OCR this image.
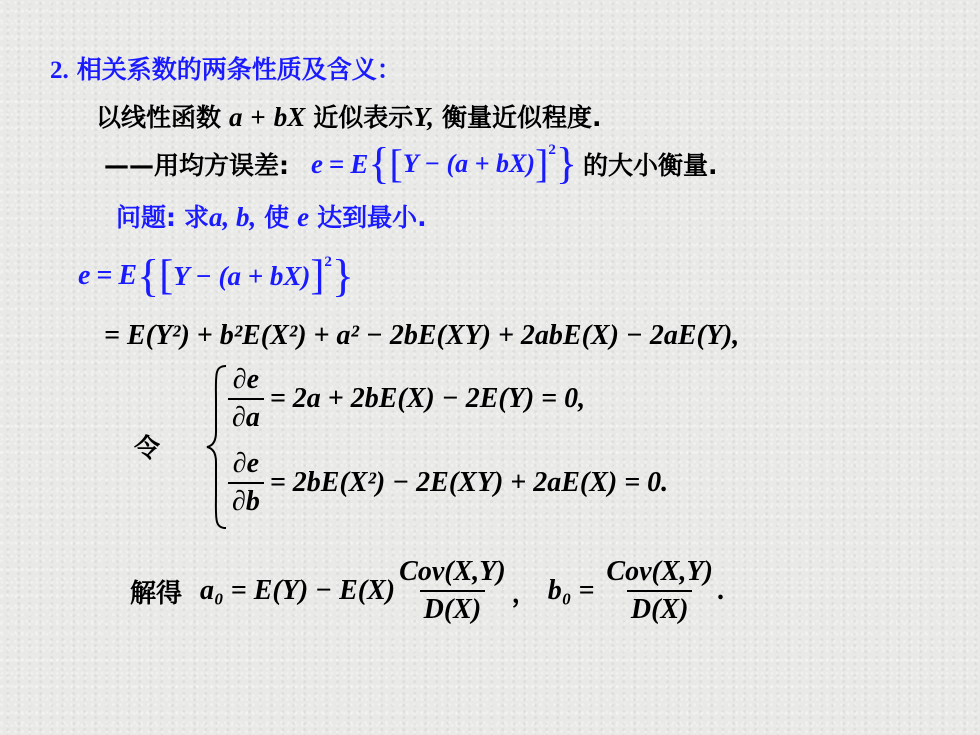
2. 相关系数的两条性质及含义：
以线性函数 a + bX 近似表示Y, 衡量近似程度.
——用均方误差: e = E { [ Y − (a + bX) ]$^2$ } 的大小衡量.
问题: 求a, b, 使 e 达到最小.
e = E { [ Y − (a + bX) ] 2 }
= E(Y²) + b²E(X²) + a² − 2bE(XY) + 2abE(X) − 2aE(Y),
令
$\frac{\partial e}{\partial a} = 2a + 2bE(X) - 2E(Y) = 0$,
$\frac{\partial e}{\partial b} = 2bE(X^2) - 2E(XY) + 2aE(X) = 0$.
解得 $a_0 = E(Y) - E(X) \frac{\text{Cov(X,Y)}}{D(X)}$ ， $b_0 = \frac{\text{Cov(X,Y)}}{D(X)}$ .
